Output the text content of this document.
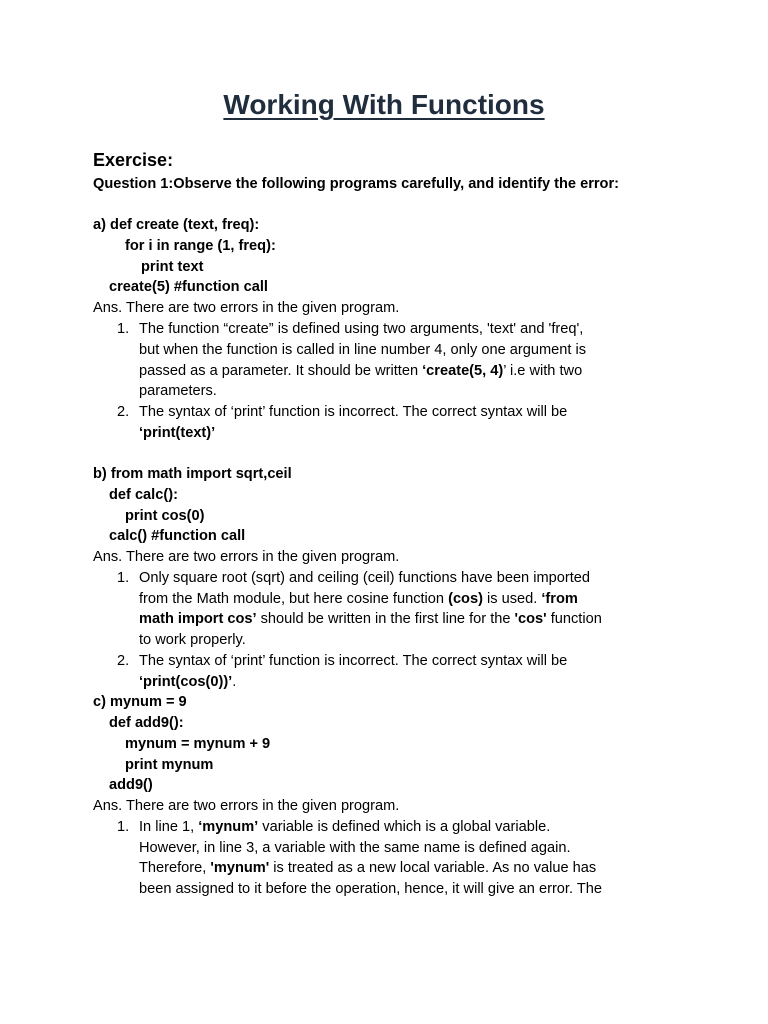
Working With Functions
Exercise:
Question 1:Observe the following programs carefully, and identify the error:
a) def create (text, freq):
for i in range (1, freq):
print text
create(5) #function call
Ans. There are two errors in the given program.
1. The function “create” is defined using two arguments, 'text' and 'freq',
but when the function is called in line number 4, only one argument is
passed as a parameter. It should be written ‘create(5, 4)’ i.e with two
parameters.
2. The syntax of ‘print’ function is incorrect. The correct syntax will be
‘print(text)’
b) from math import sqrt,ceil
def calc():
print cos(0)
calc() #function call
Ans. There are two errors in the given program.
1. Only square root (sqrt) and ceiling (ceil) functions have been imported
from the Math module, but here cosine function (cos) is used. ‘from
math import cos’ should be written in the first line for the 'cos' function
to work properly.
2. The syntax of ‘print’ function is incorrect. The correct syntax will be
‘print(cos(0))’.
c) mynum = 9
def add9():
mynum = mynum + 9
print mynum
add9()
Ans. There are two errors in the given program.
1. In line 1, ‘mynum’ variable is defined which is a global variable.
However, in line 3, a variable with the same name is defined again.
Therefore, 'mynum' is treated as a new local variable. As no value has
been assigned to it before the operation, hence, it will give an error. The
